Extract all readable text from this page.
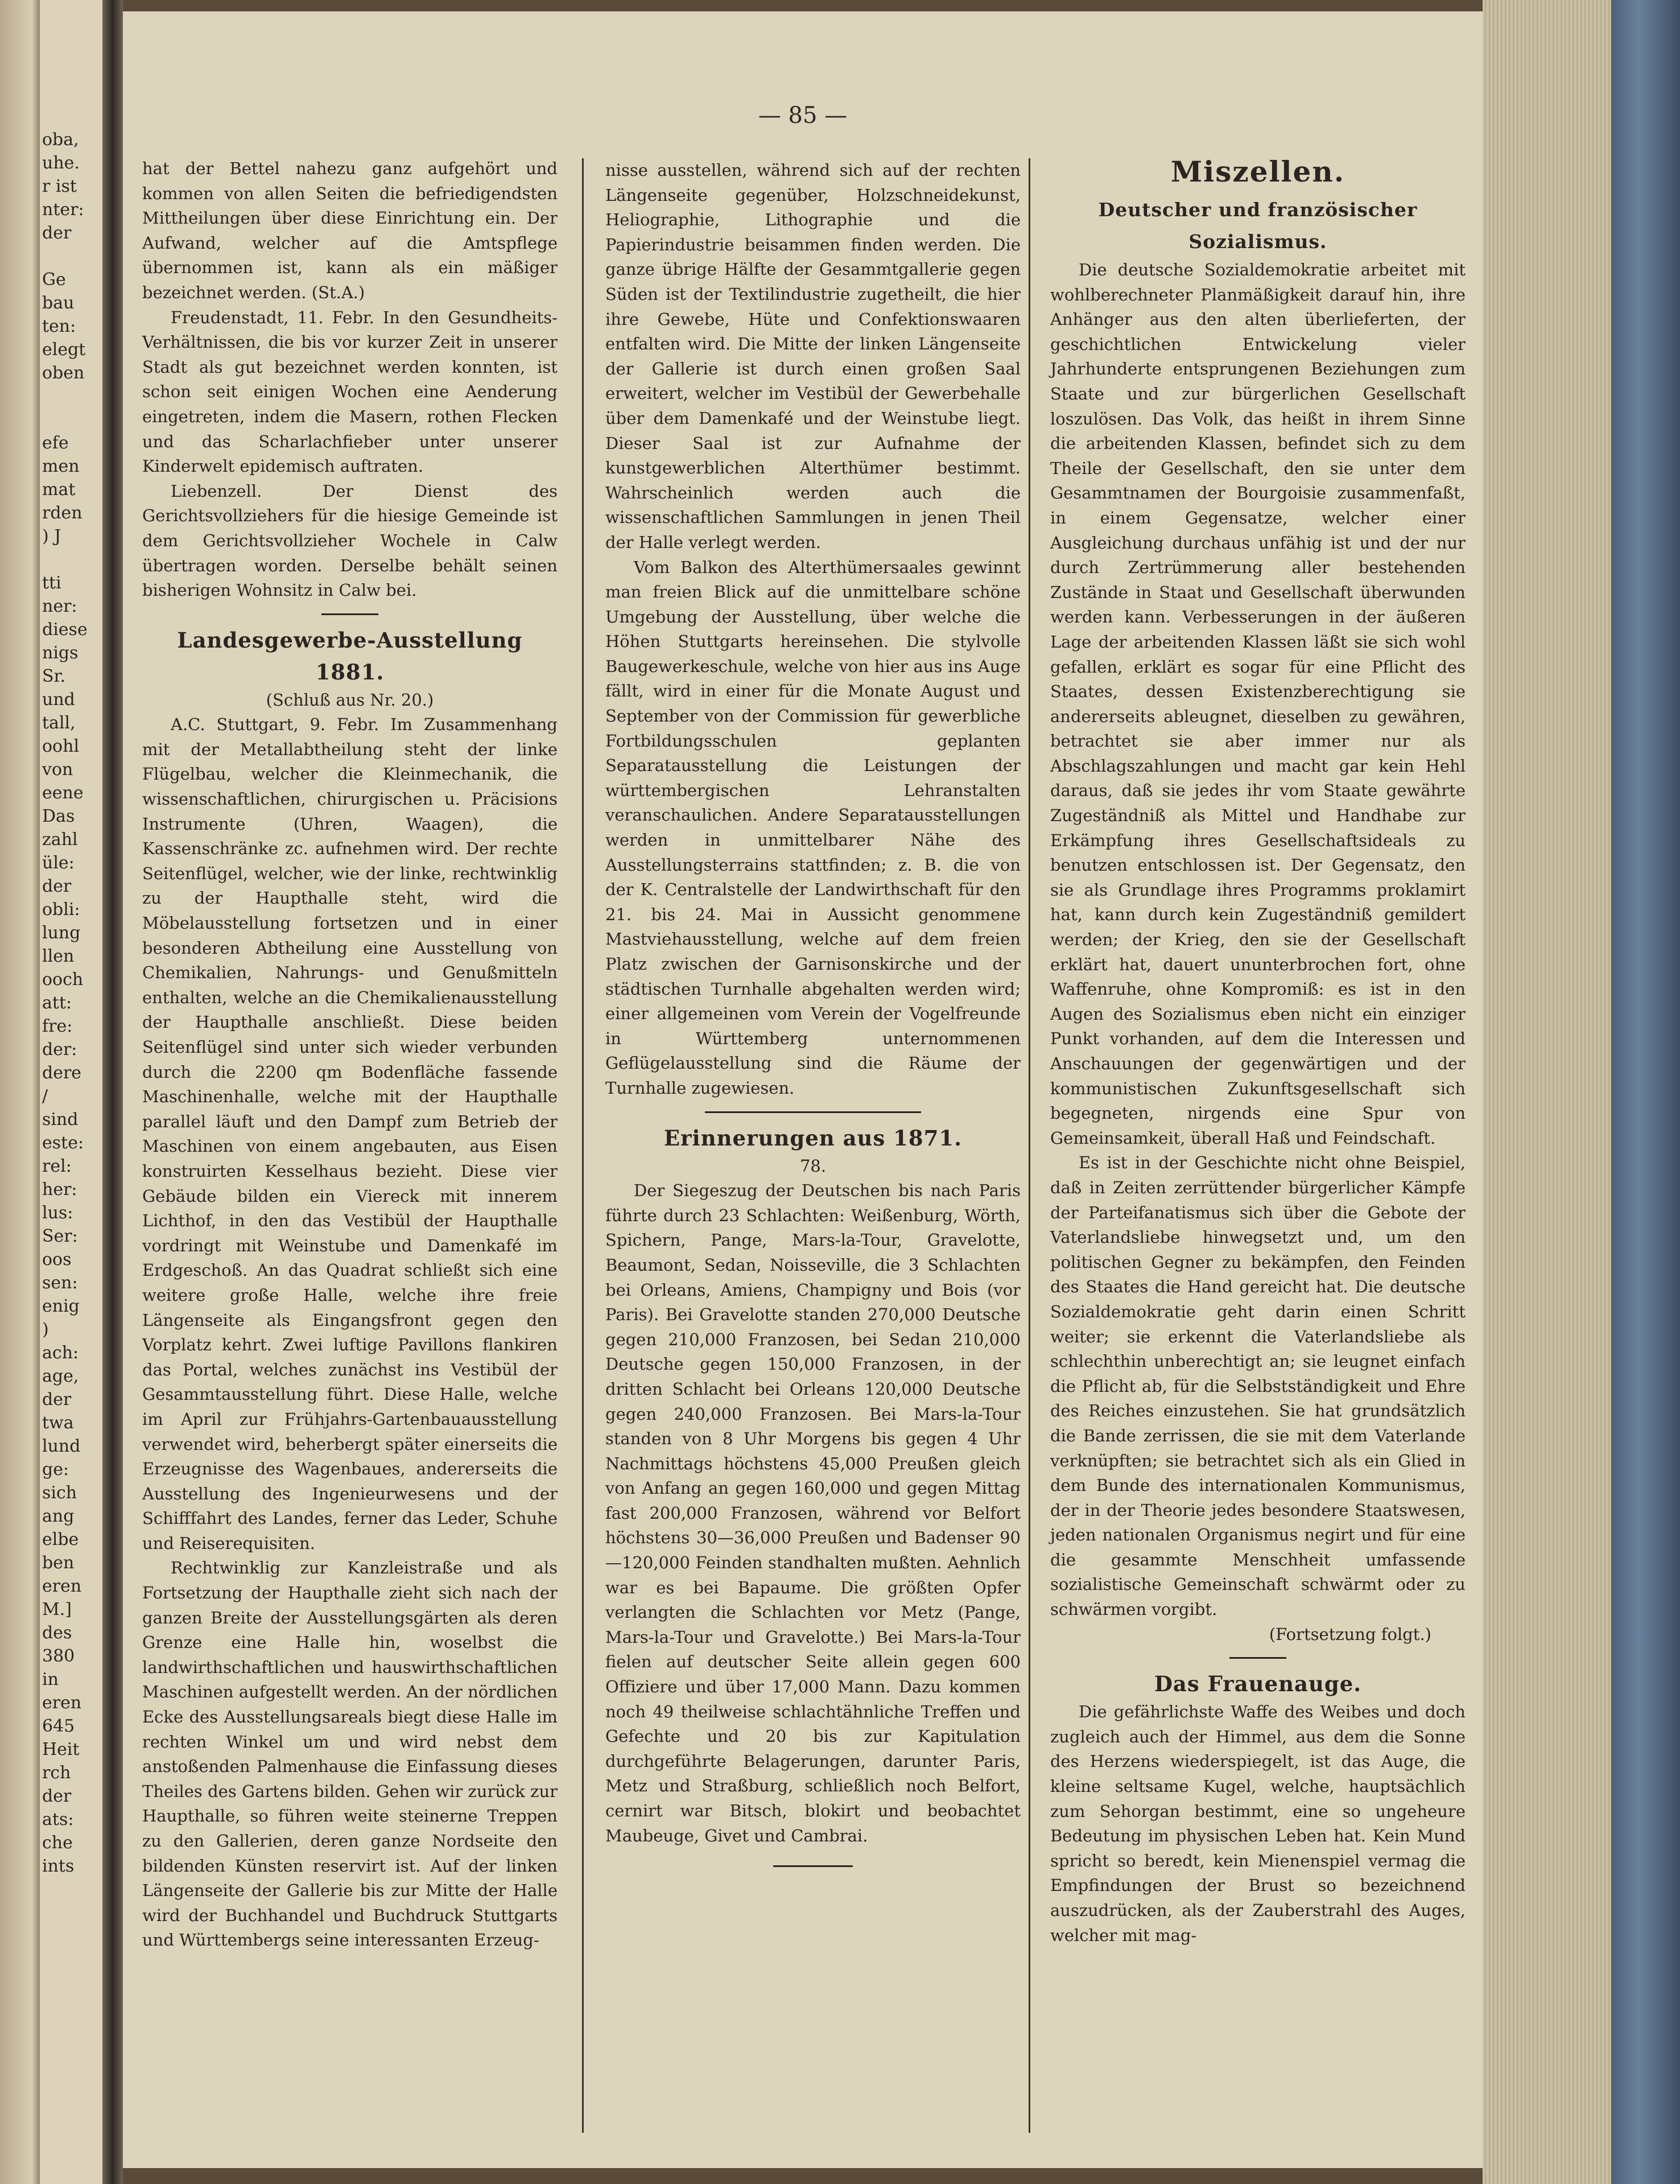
oba,
uhe.
r ist
nter:
der

Ge
bau
ten:
elegt
oben

efe
men
mat
rden
) J

tti
ner:
diese
nigs
Sr.
und
tall,
oohl
von
eene
Das
zahl
üle:
der
obli:
lung
llen
ooch
att:
fre:
der:
dere
/
sind
este:
rel:
her:
lus:
Ser:
oos
sen:
enig
)
ach:
age,
der
twa
lund
ge:
sich
ang
elbe
ben
eren
M.]
des
380
in
eren
645
Heit
rch
der
ats:
che
ints
— 85 —

hat der Bettel nahezu ganz aufgehört und kommen von allen Seiten die befriedigendsten Mittheilungen über diese Einrichtung ein. Der Aufwand, welcher auf die Amtspflege übernommen ist, kann als ein mäßiger bezeichnet werden. (St.A.)

Freudenstadt, 11. Febr. In den Gesundheits-Verhältnissen, die bis vor kurzer Zeit in unserer Stadt als gut bezeichnet werden konnten, ist schon seit einigen Wochen eine Aenderung eingetreten, indem die Masern, rothen Flecken und das Scharlachfieber unter unserer Kinderwelt epidemisch auftraten.

Liebenzell. Der Dienst des Gerichtsvollziehers für die hiesige Gemeinde ist dem Gerichtsvollzieher Wochele in Calw übertragen worden. Derselbe behält seinen bisherigen Wohnsitz in Calw bei.

Landesgewerbe-Ausstellung 1881.
(Schluß aus Nr. 20.)

A.C. Stuttgart, 9. Febr. Im Zusammenhang mit der Metallabtheilung steht der linke Flügelbau, welcher die Kleinmechanik, die wissenschaftlichen, chirurgischen u. Präcisions Instrumente (Uhren, Waagen), die Kassenschränke zc. aufnehmen wird. Der rechte Seitenflügel, welcher, wie der linke, rechtwinklig zu der Haupthalle steht, wird die Möbelausstellung fortsetzen und in einer besonderen Abtheilung eine Ausstellung von Chemikalien, Nahrungs- und Genußmitteln enthalten, welche an die Chemikalienausstellung der Haupthalle anschließt. Diese beiden Seitenflügel sind unter sich wieder verbunden durch die 2200 qm Bodenfläche fassende Maschinenhalle, welche mit der Haupthalle parallel läuft und den Dampf zum Betrieb der Maschinen von einem angebauten, aus Eisen konstruirten Kesselhaus bezieht. Diese vier Gebäude bilden ein Viereck mit innerem Lichthof, in den das Vestibül der Haupthalle vordringt mit Weinstube und Damenkafé im Erdgeschoß. An das Quadrat schließt sich eine weitere große Halle, welche ihre freie Längenseite als Eingangsfront gegen den Vorplatz kehrt. Zwei luftige Pavillons flankiren das Portal, welches zunächst ins Vestibül der Gesammtausstellung führt. Diese Halle, welche im April zur Frühjahrs-Gartenbauausstellung verwendet wird, beherbergt später einerseits die Erzeugnisse des Wagenbaues, andererseits die Ausstellung des Ingenieurwesens und der Schifffahrt des Landes, ferner das Leder, Schuhe und Reiserequisiten.

Rechtwinklig zur Kanzleistraße und als Fortsetzung der Haupthalle zieht sich nach der ganzen Breite der Ausstellungsgärten als deren Grenze eine Halle hin, woselbst die landwirthschaftlichen und hauswirthschaftlichen Maschinen aufgestellt werden. An der nördlichen Ecke des Ausstellungsareals biegt diese Halle im rechten Winkel um und wird nebst dem anstoßenden Palmenhause die Einfassung dieses Theiles des Gartens bilden. Gehen wir zurück zur Haupthalle, so führen weite steinerne Treppen zu den Gallerien, deren ganze Nordseite den bildenden Künsten reservirt ist. Auf der linken Längenseite der Gallerie bis zur Mitte der Halle wird der Buchhandel und Buchdruck Stuttgarts und Württembergs seine interessanten Erzeug-

nisse ausstellen, während sich auf der rechten Längenseite gegenüber, Holzschneidekunst, Heliographie, Lithographie und die Papierindustrie beisammen finden werden. Die ganze übrige Hälfte der Gesammtgallerie gegen Süden ist der Textilindustrie zugetheilt, die hier ihre Gewebe, Hüte und Confektionswaaren entfalten wird. Die Mitte der linken Längenseite der Gallerie ist durch einen großen Saal erweitert, welcher im Vestibül der Gewerbehalle über dem Damenkafé und der Weinstube liegt. Dieser Saal ist zur Aufnahme der kunstgewerblichen Alterthümer bestimmt. Wahrscheinlich werden auch die wissenschaftlichen Sammlungen in jenen Theil der Halle verlegt werden.

Vom Balkon des Alterthümersaales gewinnt man freien Blick auf die unmittelbare schöne Umgebung der Ausstellung, über welche die Höhen Stuttgarts hereinsehen. Die stylvolle Baugewerkeschule, welche von hier aus ins Auge fällt, wird in einer für die Monate August und September von der Commission für gewerbliche Fortbildungsschulen geplanten Separatausstellung die Leistungen der württembergischen Lehranstalten veranschaulichen. Andere Separatausstellungen werden in unmittelbarer Nähe des Ausstellungsterrains stattfinden; z. B. die von der K. Centralstelle der Landwirthschaft für den 21. bis 24. Mai in Aussicht genommene Mastviehausstellung, welche auf dem freien Platz zwischen der Garnisonskirche und der städtischen Turnhalle abgehalten werden wird; einer allgemeinen vom Verein der Vogelfreunde in Württemberg unternommenen Geflügelausstellung sind die Räume der Turnhalle zugewiesen.

Erinnerungen aus 1871.
78.

Der Siegeszug der Deutschen bis nach Paris führte durch 23 Schlachten: Weißenburg, Wörth, Spichern, Pange, Mars-la-Tour, Gravelotte, Beaumont, Sedan, Noisseville, die 3 Schlachten bei Orleans, Amiens, Champigny und Bois (vor Paris). Bei Gravelotte standen 270,000 Deutsche gegen 210,000 Franzosen, bei Sedan 210,000 Deutsche gegen 150,000 Franzosen, in der dritten Schlacht bei Orleans 120,000 Deutsche gegen 240,000 Franzosen. Bei Mars-la-Tour standen von 8 Uhr Morgens bis gegen 4 Uhr Nachmittags höchstens 45,000 Preußen gleich von Anfang an gegen 160,000 und gegen Mittag fast 200,000 Franzosen, während vor Belfort höchstens 30—36,000 Preußen und Badenser 90—120,000 Feinden standhalten mußten. Aehnlich war es bei Bapaume. Die größten Opfer verlangten die Schlachten vor Metz (Pange, Mars-la-Tour und Gravelotte.) Bei Mars-la-Tour fielen auf deutscher Seite allein gegen 600 Offiziere und über 17,000 Mann. Dazu kommen noch 49 theilweise schlachtähnliche Treffen und Gefechte und 20 bis zur Kapitulation durchgeführte Belagerungen, darunter Paris, Metz und Straßburg, schließlich noch Belfort, cernirt war Bitsch, blokirt und beobachtet Maubeuge, Givet und Cambrai.

Miszellen.
Deutscher und französischer Sozialismus.

Die deutsche Sozialdemokratie arbeitet mit wohlberechneter Planmäßigkeit darauf hin, ihre Anhänger aus den alten überlieferten, der geschichtlichen Entwickelung vieler Jahrhunderte entsprungenen Beziehungen zum Staate und zur bürgerlichen Gesellschaft loszulösen. Das Volk, das heißt in ihrem Sinne die arbeitenden Klassen, befindet sich zu dem Theile der Gesellschaft, den sie unter dem Gesammtnamen der Bourgoisie zusammenfaßt, in einem Gegensatze, welcher einer Ausgleichung durchaus unfähig ist und der nur durch Zertrümmerung aller bestehenden Zustände in Staat und Gesellschaft überwunden werden kann. Verbesserungen in der äußeren Lage der arbeitenden Klassen läßt sie sich wohl gefallen, erklärt es sogar für eine Pflicht des Staates, dessen Existenzberechtigung sie andererseits ableugnet, dieselben zu gewähren, betrachtet sie aber immer nur als Abschlagszahlungen und macht gar kein Hehl daraus, daß sie jedes ihr vom Staate gewährte Zugeständniß als Mittel und Handhabe zur Erkämpfung ihres Gesellschaftsideals zu benutzen entschlossen ist. Der Gegensatz, den sie als Grundlage ihres Programms proklamirt hat, kann durch kein Zugeständniß gemildert werden; der Krieg, den sie der Gesellschaft erklärt hat, dauert ununterbrochen fort, ohne Waffenruhe, ohne Kompromiß: es ist in den Augen des Sozialismus eben nicht ein einziger Punkt vorhanden, auf dem die Interessen und Anschauungen der gegenwärtigen und der kommunistischen Zukunftsgesellschaft sich begegneten, nirgends eine Spur von Gemeinsamkeit, überall Haß und Feindschaft.

Es ist in der Geschichte nicht ohne Beispiel, daß in Zeiten zerrüttender bürgerlicher Kämpfe der Parteifanatismus sich über die Gebote der Vaterlandsliebe hinwegsetzt und, um den politischen Gegner zu bekämpfen, den Feinden des Staates die Hand gereicht hat. Die deutsche Sozialdemokratie geht darin einen Schritt weiter; sie erkennt die Vaterlandsliebe als schlechthin unberechtigt an; sie leugnet einfach die Pflicht ab, für die Selbstständigkeit und Ehre des Reiches einzustehen. Sie hat grundsätzlich die Bande zerrissen, die sie mit dem Vaterlande verknüpften; sie betrachtet sich als ein Glied in dem Bunde des internationalen Kommunismus, der in der Theorie jedes besondere Staatswesen, jeden nationalen Organismus negirt und für eine die gesammte Menschheit umfassende sozialistische Gemeinschaft schwärmt oder zu schwärmen vorgibt.

(Fortsetzung folgt.)
Das Frauenauge.

Die gefährlichste Waffe des Weibes und doch zugleich auch der Himmel, aus dem die Sonne des Herzens wiederspiegelt, ist das Auge, die kleine seltsame Kugel, welche, hauptsächlich zum Sehorgan bestimmt, eine so ungeheure Bedeutung im physischen Leben hat. Kein Mund spricht so beredt, kein Mienenspiel vermag die Empfindungen der Brust so bezeichnend auszudrücken, als der Zauberstrahl des Auges, welcher mit mag-
